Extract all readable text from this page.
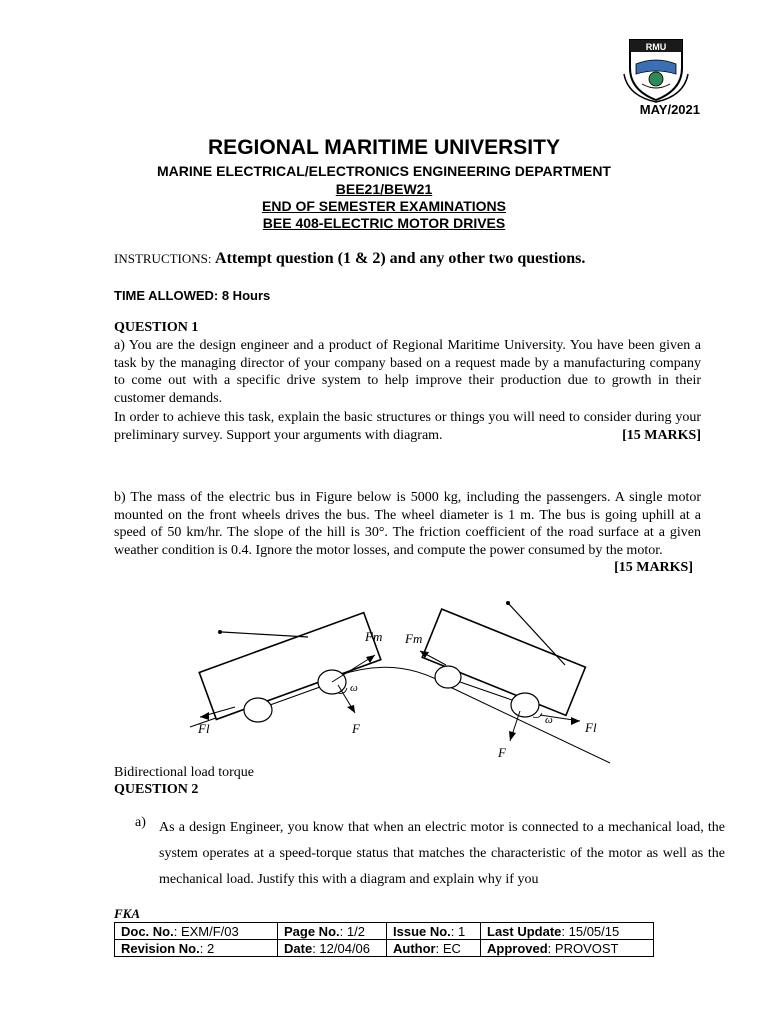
RMU
MAY/2021
REGIONAL MARITIME UNIVERSITY
MARINE ELECTRICAL/ELECTRONICS ENGINEERING DEPARTMENT
BEE21/BEW21
END OF SEMESTER EXAMINATIONS
BEE 408-ELECTRIC MOTOR DRIVES
INSTRUCTIONS: Attempt question (1 & 2) and any other two questions.
TIME ALLOWED: 8 Hours
QUESTION 1
a) You are the design engineer and a product of Regional Maritime University. You have been given a task by the managing director of your company based on a request made by a manufacturing company to come out with a specific drive system to help improve their production due to growth in their customer demands.
In order to achieve this task, explain the basic structures or things you will need to consider during your preliminary survey. Support your arguments with diagram.	[15 MARKS]
b) The mass of the electric bus in Figure below is 5000 kg, including the passengers. A single motor mounted on the front wheels drives the bus. The wheel diameter is 1 m. The bus is going uphill at a speed of 50 km/hr. The slope of the hill is 30°. The friction coefficient of the road surface at a given weather condition is 0.4. Ignore the motor losses, and compute the power consumed by the motor.
[15 MARKS]
Fm Fm
Fl	Fl
F
F
ω
ω
Bidirectional load torque
QUESTION 2
a) As a design Engineer, you know that when an electric motor is connected to a mechanical load, the system operates at a speed-torque status that matches the characteristic of the motor as well as the mechanical load. Justify this with a diagram and explain why if you
FKA
Doc. No.: EXM/F/03	Page No.: 1/2	Issue No.: 1	Last Update: 15/05/15
Revision No.: 2	Date: 12/04/06	Author: EC	Approved: PROVOST
